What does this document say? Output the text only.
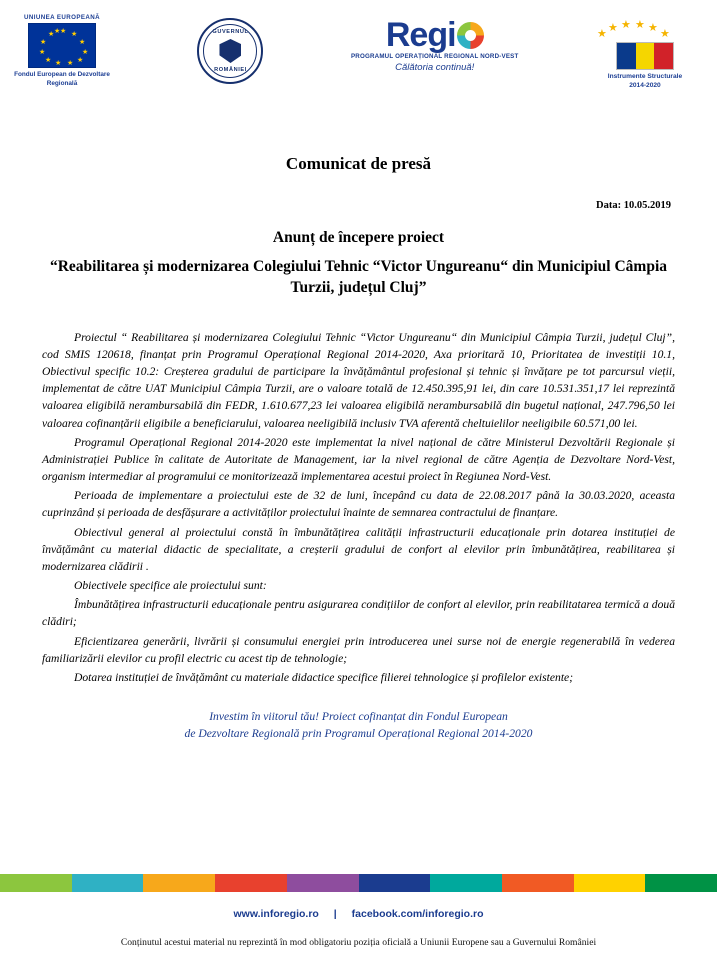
UNIUNEA EUROPEANĂ
★ ★
★
★
★
★
★
★
★
★
★ ★
Fondul European de Dezvoltare Regională
GUVERNUL
ROMÂNIEI
Regi
PROGRAMUL OPERAȚIONAL REGIONAL NORD-VEST
Călătoria continuă!
★ ★ ★ ★ ★ ★
Instrumente Structurale
2014-2020
Comunicat de presă
Data: 10.05.2019
Anunț de începere proiect
“Reabilitarea și modernizarea Colegiului Tehnic “Victor Ungureanu“ din Municipiul Câmpia Turzii, județul Cluj”

Proiectul “ Reabilitarea și modernizarea Colegiului Tehnic “Victor Ungureanu“ din Municipiul Câmpia Turzii, județul Cluj”, cod SMIS 120618, finanțat prin Programul Operațional Regional 2014-2020, Axa prioritară 10, Prioritatea de investiții 10.1, Obiectivul specific 10.2: Creșterea gradului de participare la învățământul profesional și tehnic și învățare pe tot parcursul vieții, implementat de către UAT Municipiul Câmpia Turzii, are o valoare totală de 12.450.395,91 lei, din care 10.531.351,17 lei reprezintă valoarea eligibilă nerambursabilă din FEDR, 1.610.677,23 lei valoarea eligibilă nerambursabilă din bugetul național, 247.796,50 lei valoarea cofinanțării eligibile a beneficiarului, valoarea neeligibilă inclusiv TVA aferentă cheltuielilor neeligibile 60.571,00 lei.

Programul Operațional Regional 2014-2020 este implementat la nivel național de către Ministerul Dezvoltării Regionale și Administrației Publice în calitate de Autoritate de Management, iar la nivel regional de către Agenția de Dezvoltare Nord-Vest, organism intermediar al programului ce monitorizează implementarea acestui proiect în Regiunea Nord-Vest.

Perioada de implementare a proiectului este de 32 de luni, începând cu data de 22.08.2017 până la 30.03.2020, aceasta cuprinzând și perioada de desfășurare a activităților proiectului înainte de semnarea contractului de finanțare.

Obiectivul general al proiectului constă în îmbunătățirea calității infrastructurii educaționale prin dotarea instituției de învățământ cu material didactic de specialitate, a creșterii gradului de confort al elevilor prin îmbunătățirea, reabilitarea și modernizarea clădirii .

Obiectivele specifice ale proiectului sunt:

Îmbunătățirea infrastructurii educaționale pentru asigurarea condițiilor de confort al elevilor, prin reabilitatarea termică a două clădiri;

Eficientizarea generării, livrării și consumului energiei prin introducerea unei surse noi de energie regenerabilă în vederea familiarizării elevilor cu profil electric cu acest tip de tehnologie;

Dotarea instituției de învățământ cu materiale didactice specifice filierei tehnologice și profilelor existente;

Investim în viitorul tău! Proiect cofinanțat din Fondul European
de Dezvoltare Regională prin Programul Operațional Regional 2014-2020
www.inforegio.ro | facebook.com/inforegio.ro
Conținutul acestui material nu reprezintă în mod obligatoriu poziția oficială a Uniunii Europene sau a Guvernului României
